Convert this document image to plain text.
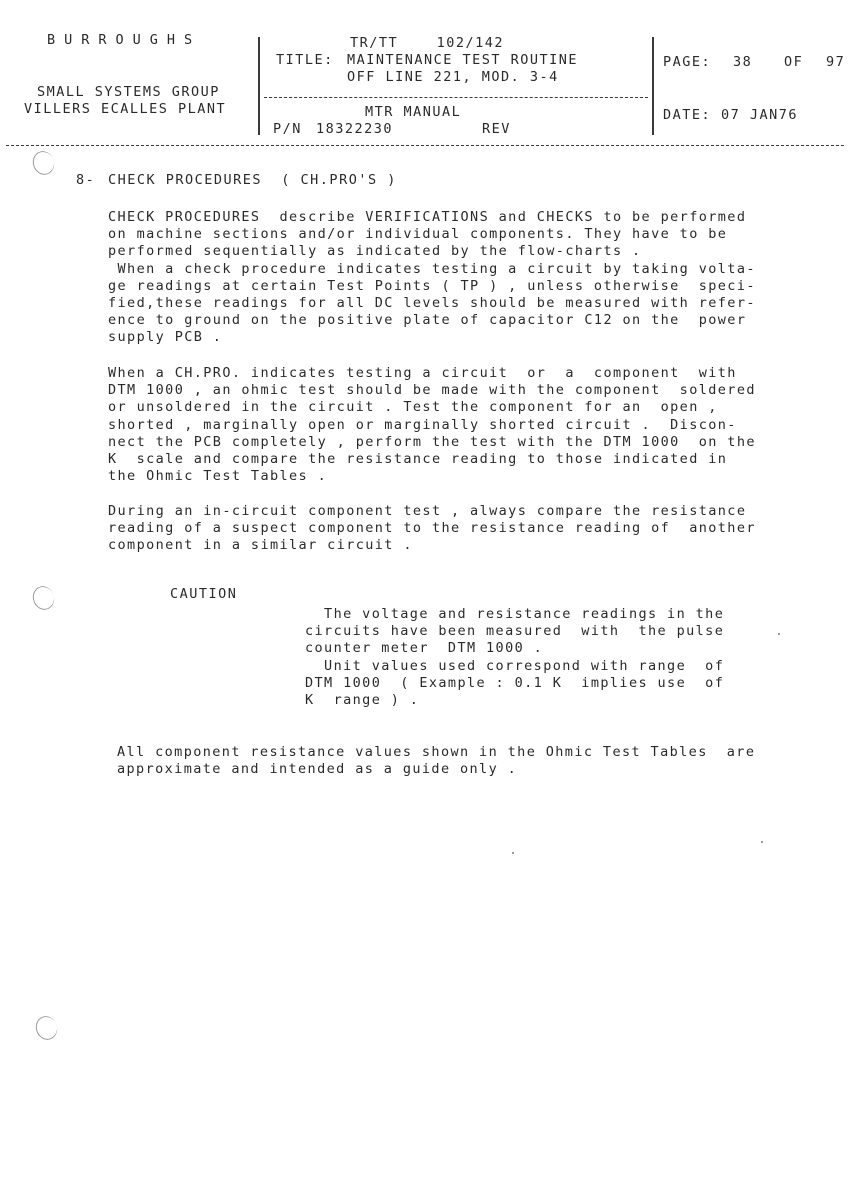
BURROUGHS
SMALL SYSTEMS GROUP
VILLERS ECALLES PLANT
TR/TT    102/142
TITLE: MAINTENANCE TEST ROUTINE
OFF LINE 221, MOD. 3-4
MTR MANUAL
P/N 18322230	REV
PAGE: 38 OF 97
DATE: 07 JAN76
8- CHECK PROCEDURES  ( CH.PRO'S )
CHECK PROCEDURES  describe VERIFICATIONS and CHECKS to be performed
on machine sections and/or individual components. They have to be
performed sequentially as indicated by the flow-charts .
When a check procedure indicates testing a circuit by taking volta-
ge readings at certain Test Points ( TP ) , unless otherwise  speci-
fied,these readings for all DC levels should be measured with refer-
ence to ground on the positive plate of capacitor C12 on the  power
supply PCB .
When a CH.PRO. indicates testing a circuit  or  a  component  with
DTM 1000 , an ohmic test should be made with the component  soldered
or unsoldered in the circuit . Test the component for an  open ,
shorted , marginally open or marginally shorted circuit .  Discon-
nect the PCB completely , perform the test with the DTM 1000  on the
K  scale and compare the resistance reading to those indicated in
the Ohmic Test Tables .
During an in-circuit component test , always compare the resistance
reading of a suspect component to the resistance reading of  another
component in a similar circuit .
CAUTION
The voltage and resistance readings in the
circuits have been measured  with  the pulse
counter meter  DTM 1000 .
Unit values used correspond with range  of
DTM 1000  ( Example : 0.1 K  implies use  of
K  range ) .
All component resistance values shown in the Ohmic Test Tables  are
approximate and intended as a guide only .
